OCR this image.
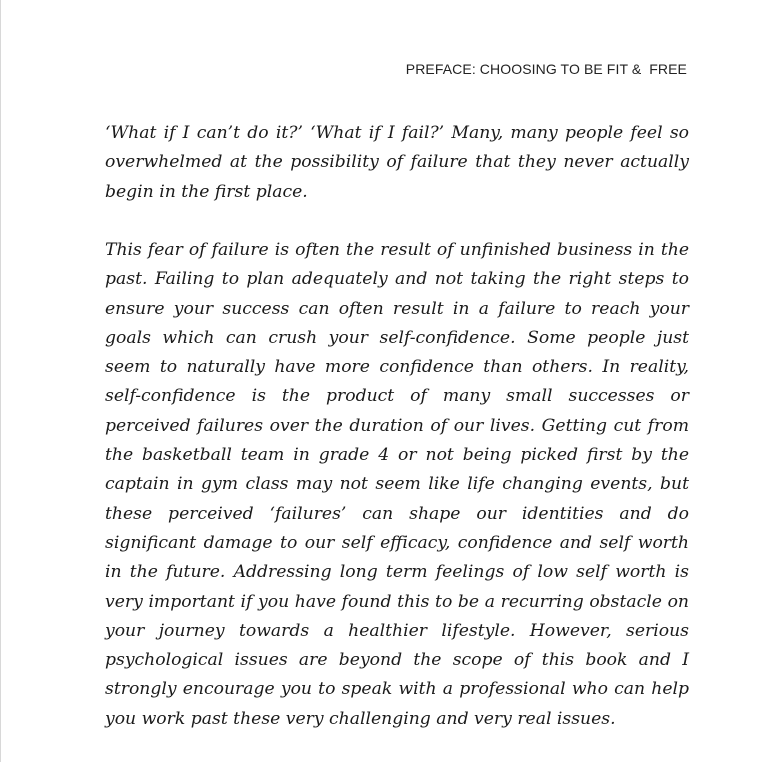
PREFACE: CHOOSING TO BE FIT &  FREE

‘What if I can’t do it?’ ‘What if I fail?’ Many, many people feel so overwhelmed at the possibility of failure that they never actually begin in the first place.

This fear of failure is often the result of unfinished business in the past. Failing to plan adequately and not taking the right steps to ensure your success can often result in a failure to reach your goals which can crush your self-confidence. Some people just seem to naturally have more confidence than others. In reality, self-confidence is the product of many small successes or perceived failures over the duration of our lives. Getting cut from the basketball team in grade 4 or not being picked first by the captain in gym class may not seem like life changing events, but these perceived ‘failures’ can shape our identities and do significant damage to our self efficacy, confidence and self worth in the future. Addressing long term feelings of low self worth is very important if you have found this to be a recurring obstacle on your journey towards a healthier lifestyle. However, serious psychological issues are beyond the scope of this book and I strongly encourage you to speak with a professional who can help you work past these very challenging and very real issues.
